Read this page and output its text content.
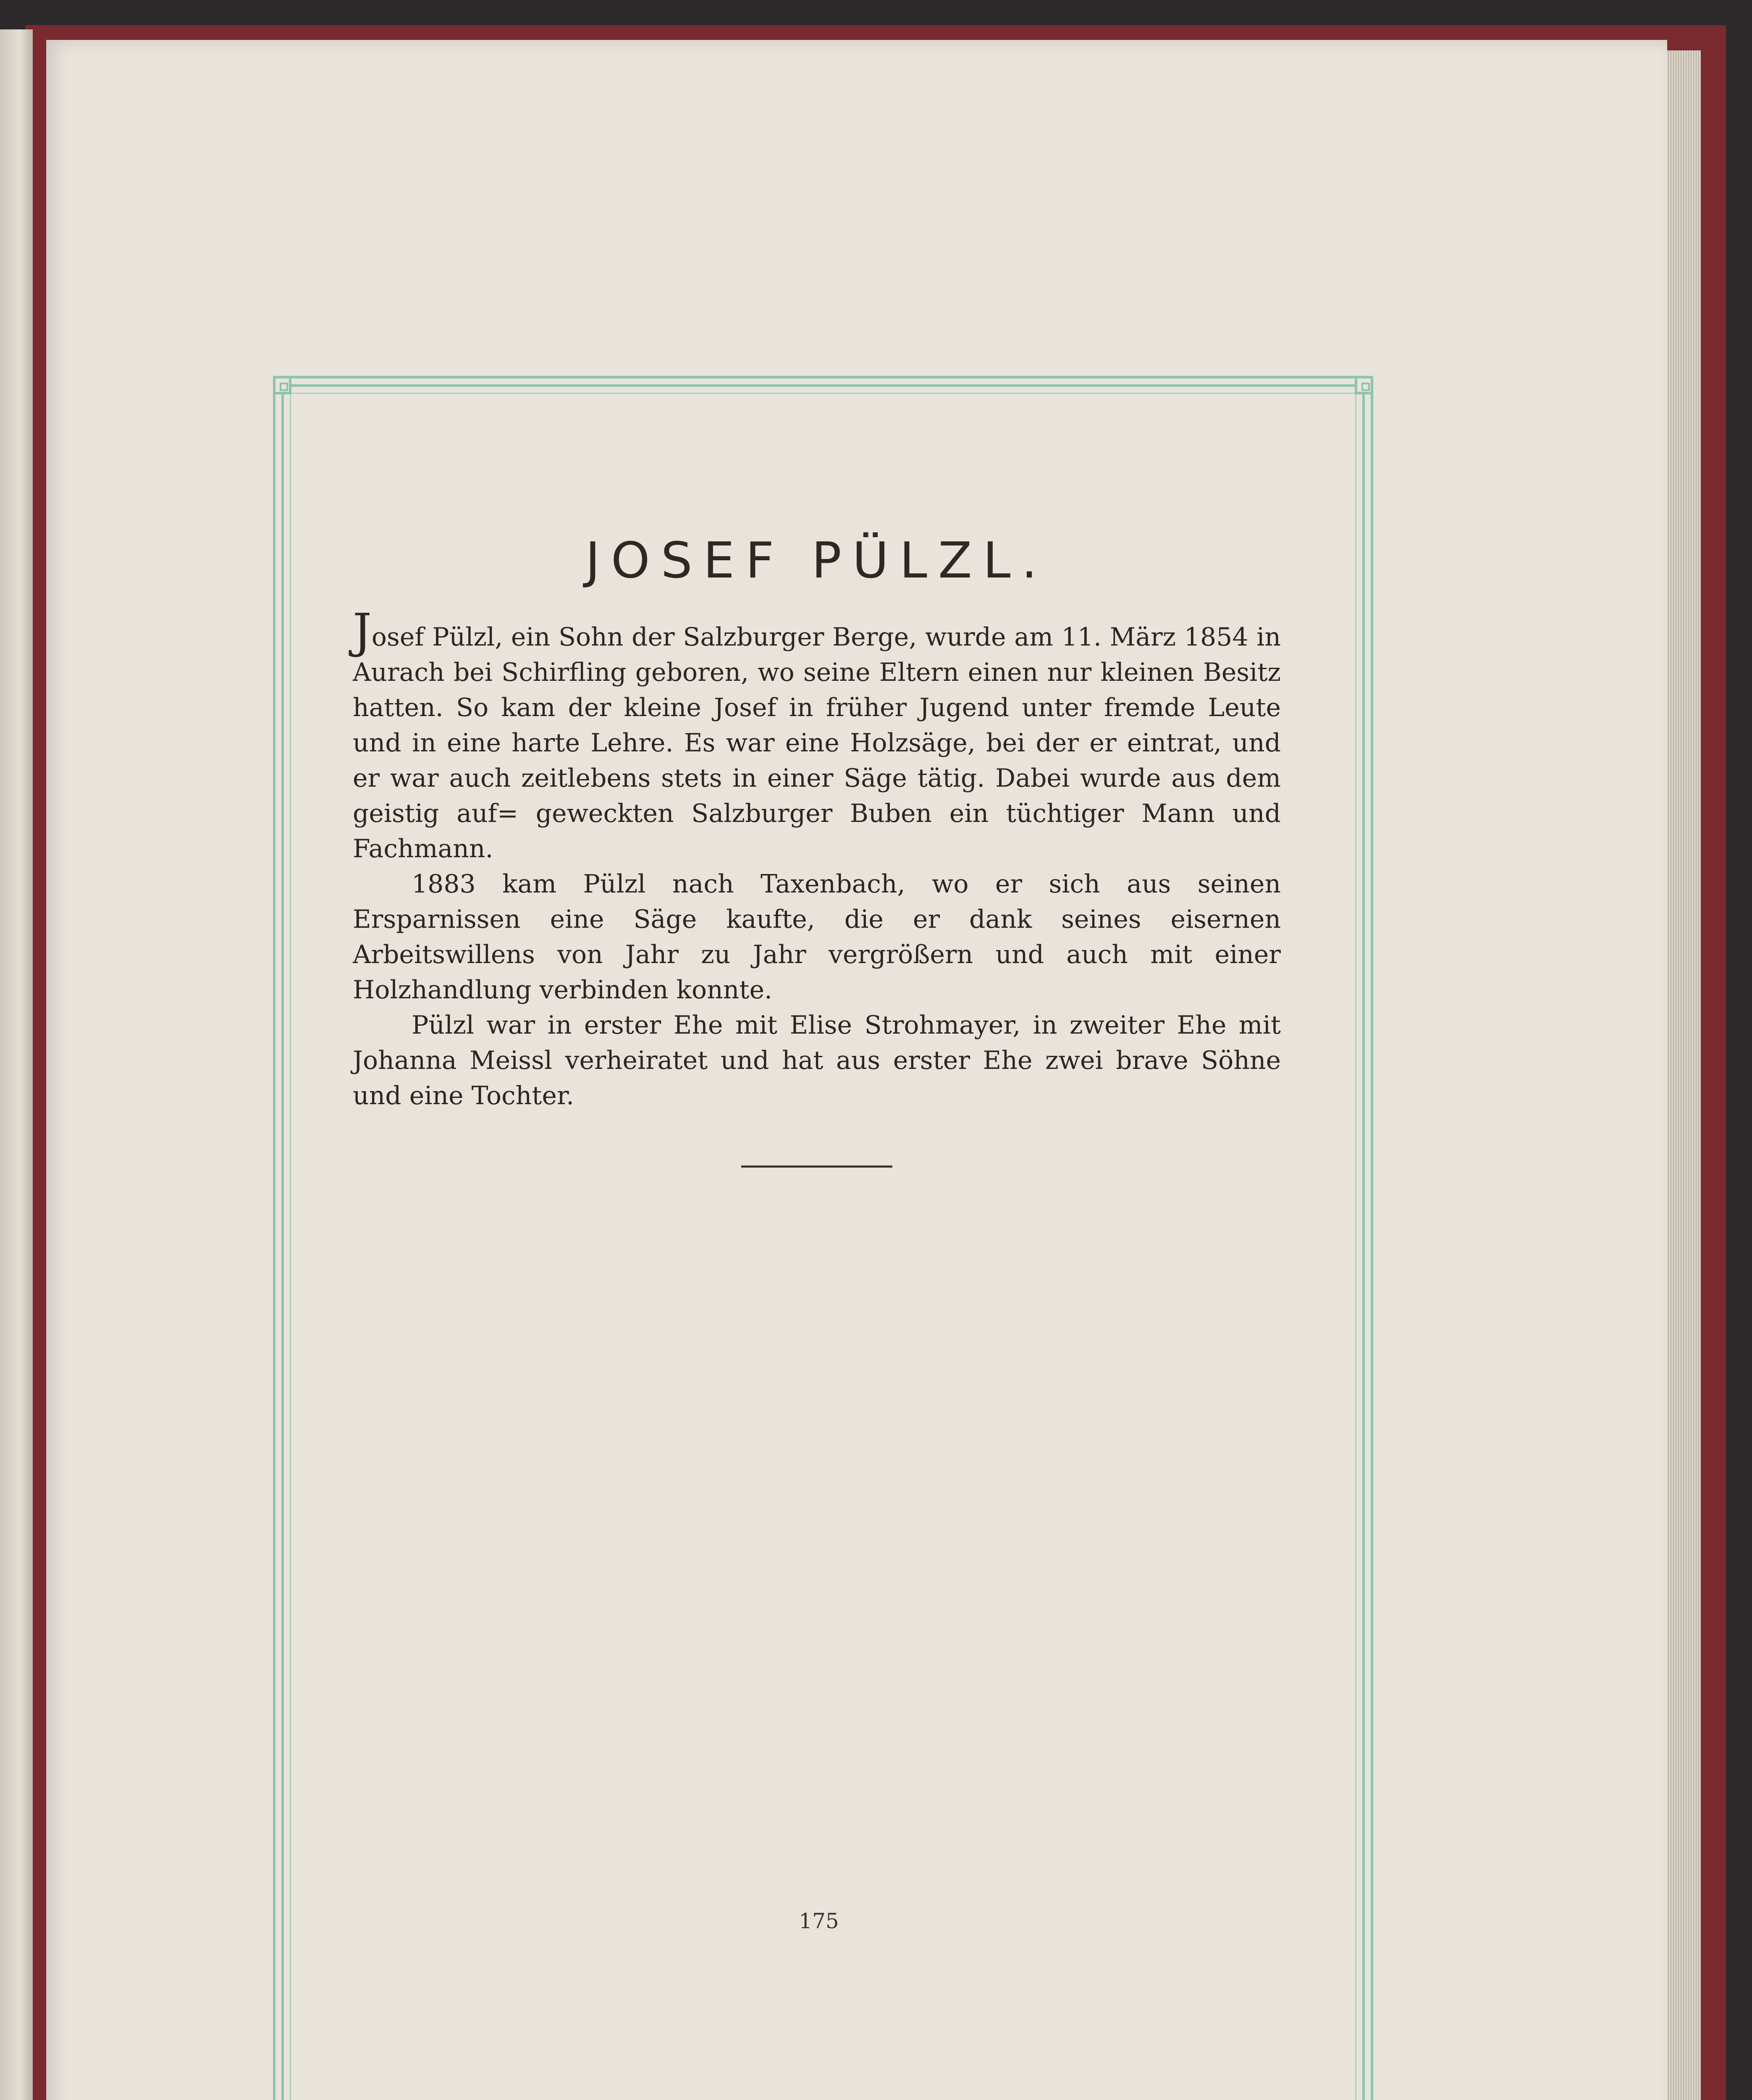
JOSEF PÜLZL.

Josef Pülzl, ein Sohn der Salzburger Berge, wurde am 11. März 1854 in Aurach bei Schirfling geboren, wo seine Eltern einen nur kleinen Besitz hatten. So kam der kleine Josef in früher Jugend unter fremde Leute und in eine harte Lehre. Es war eine Holzsäge, bei der er eintrat, und er war auch zeitlebens stets in einer Säge tätig. Dabei wurde aus dem geistig auf= geweckten Salzburger Buben ein tüchtiger Mann und Fachmann.

1883 kam Pülzl nach Taxenbach, wo er sich aus seinen Ersparnissen eine Säge kaufte, die er dank seines eisernen Arbeitswillens von Jahr zu Jahr vergrößern und auch mit einer Holzhandlung verbinden konnte.

Pülzl war in erster Ehe mit Elise Strohmayer, in zweiter Ehe mit Johanna Meissl verheiratet und hat aus erster Ehe zwei brave Söhne und eine Tochter.

175
